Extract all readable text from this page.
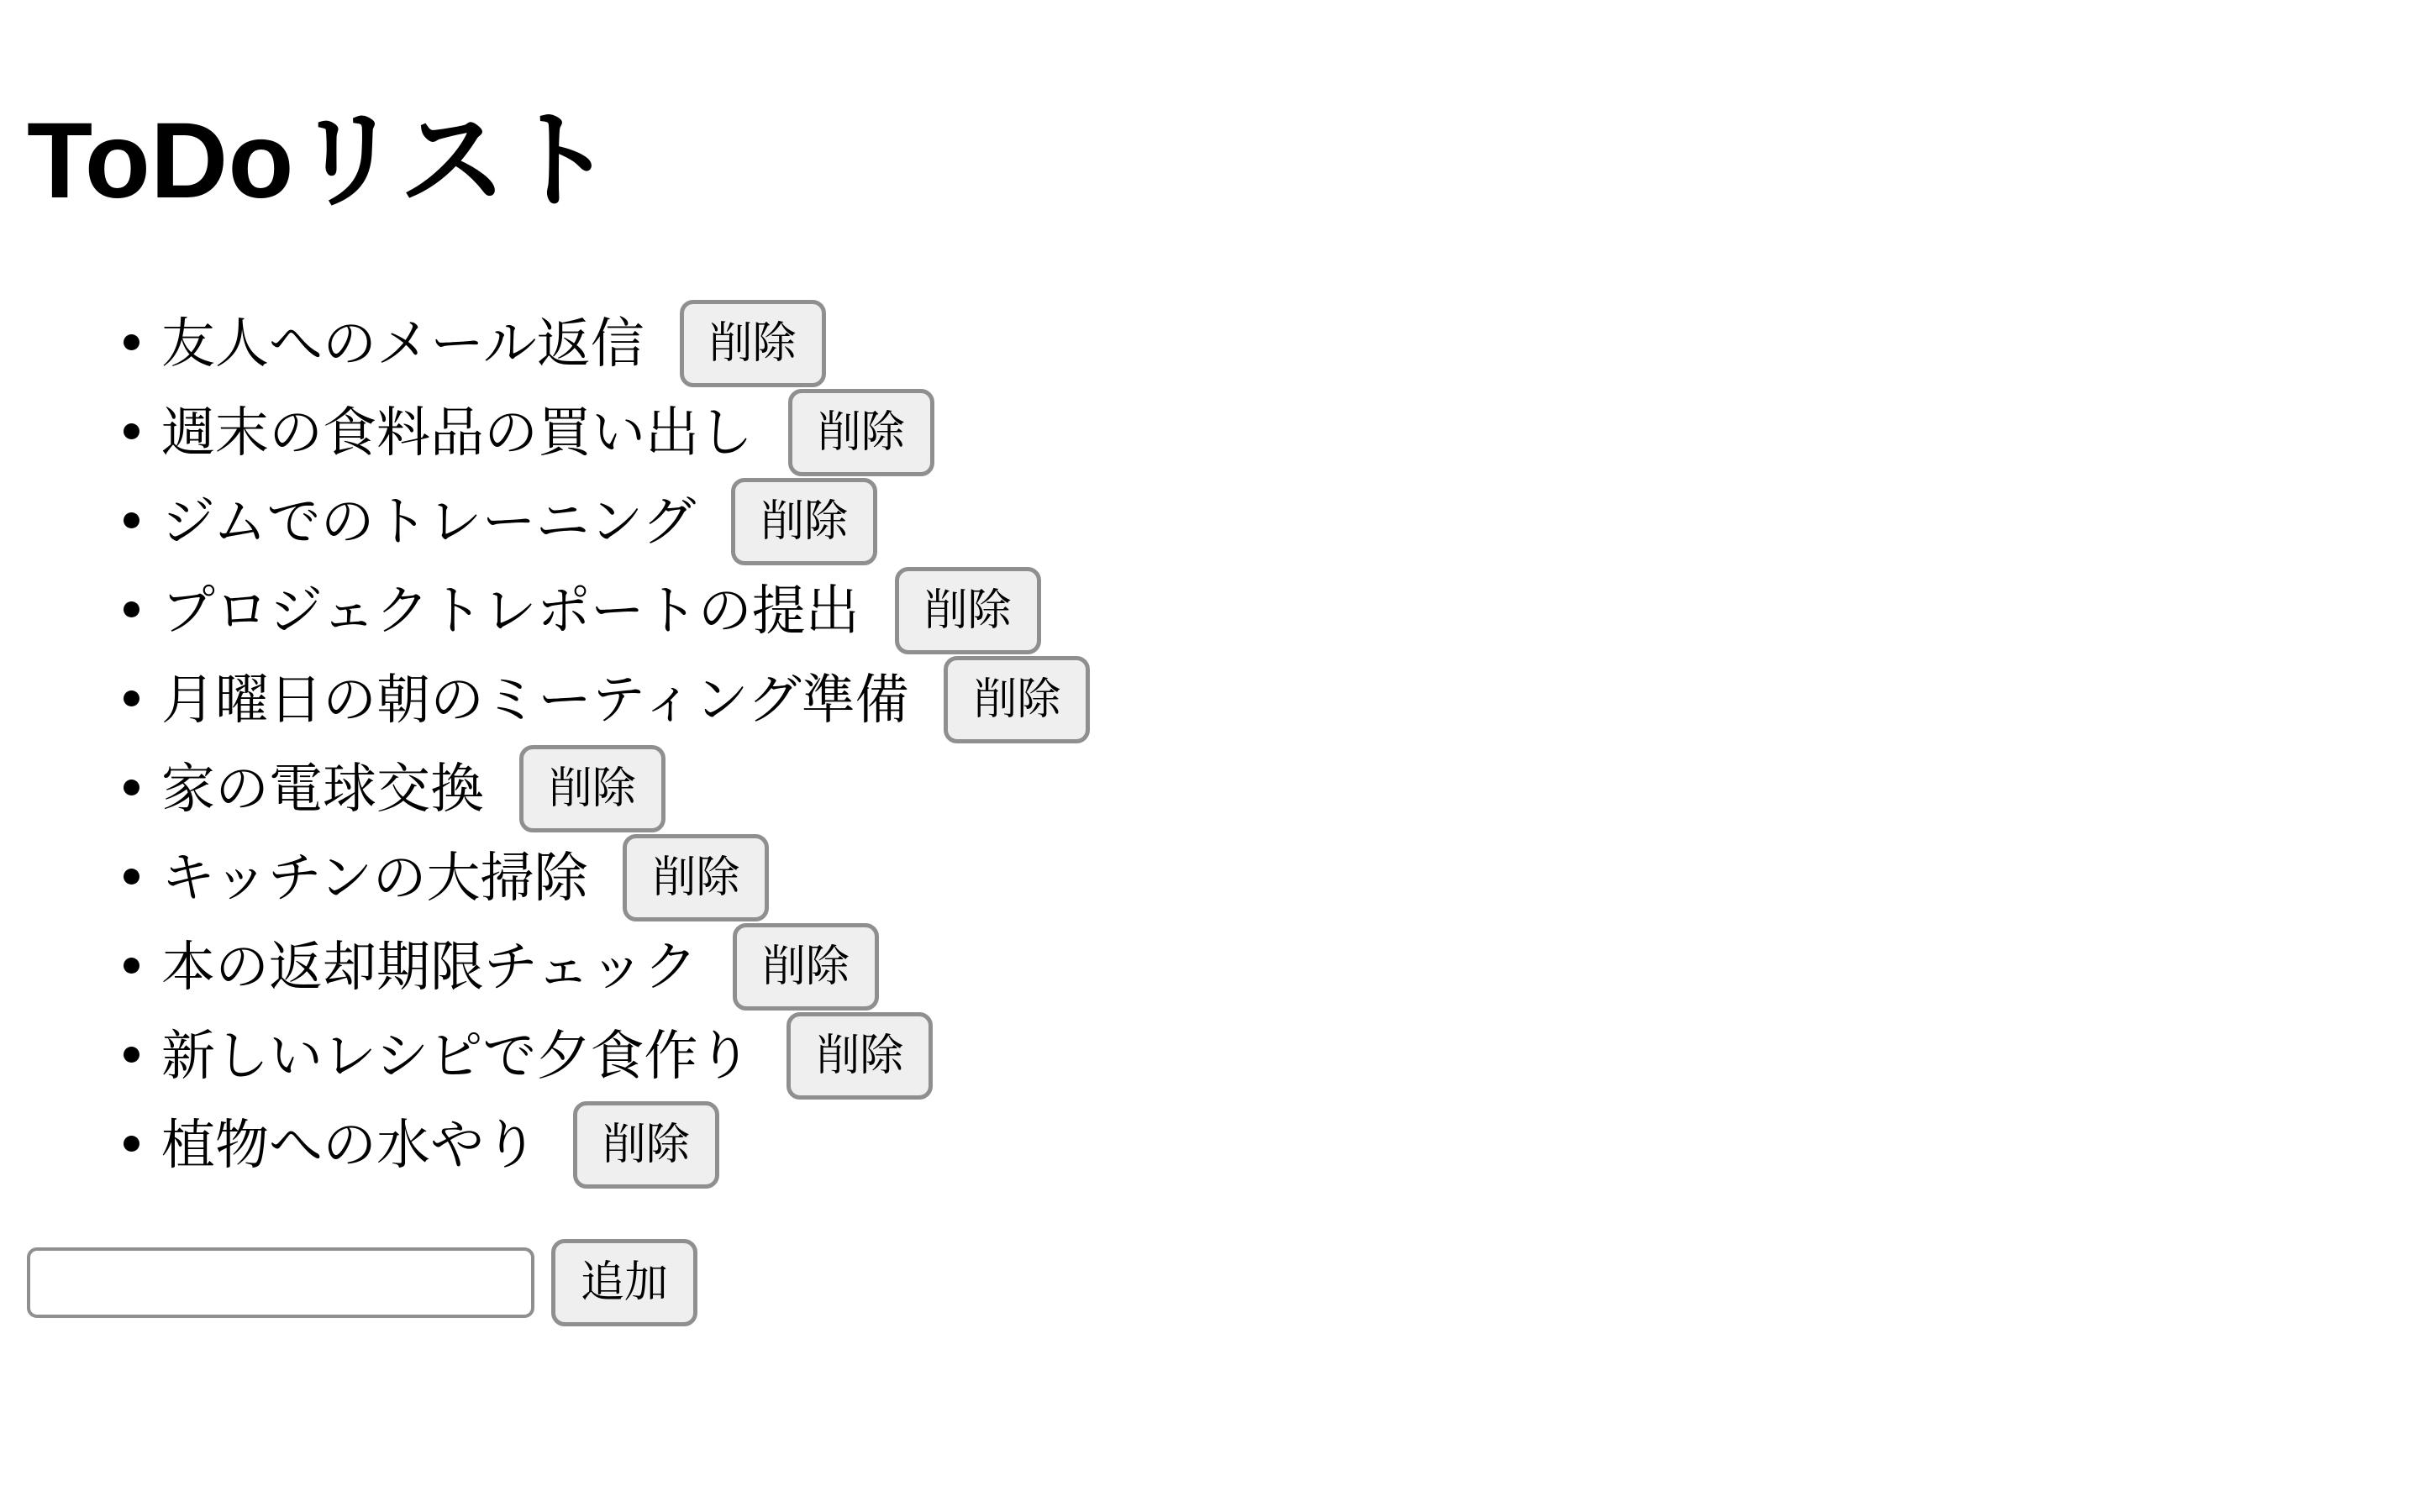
ToDoリスト
• 友人へのメール返信 削除
• 週末の食料品の買い出し 削除
• ジムでのトレーニング 削除
• プロジェクトレポートの提出 削除
• 月曜日の朝のミーティング準備 削除
• 家の電球交換 削除
• キッチンの大掃除 削除
• 本の返却期限チェック 削除
• 新しいレシピで夕食作り 削除
• 植物への水やり 削除
追加
